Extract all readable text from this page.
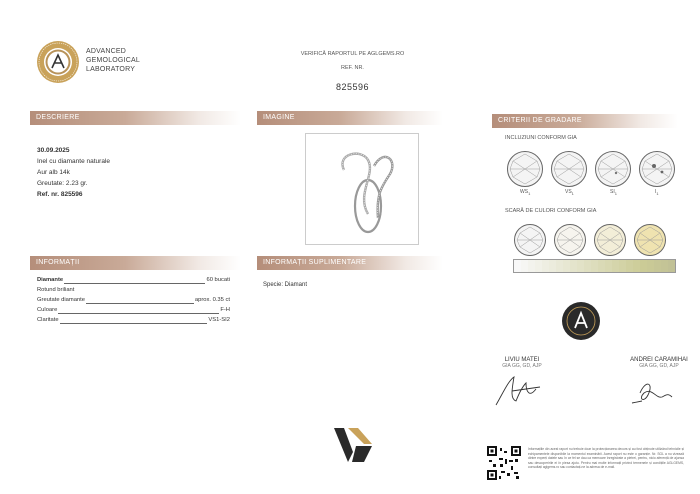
ADVANCED
GEMOLOGICAL
LABORATORY
VERIFICĂ RAPORTUL PE AGLGEMS.RO
REF. NR.
825596
DESCRIERE	IMAGINE	CRITERII DE GRADARE
INFORMAȚII	INFORMAȚII SUPLIMENTARE
30.09.2025
Inel cu diamante naturale
Aur alb 14k
Greutate: 2.23 gr.
Ref. nr. 825596
Diamante	60 bucati
Rotund briliant
Greutate diamante	aprox. 0.35 ct
Culoare	F-H
Claritate	VS1-SI2
Specie: Diamant
INCLUZIUNI CONFORM GIA
$WS_1$	$VS_1$	$SI_1$	$I_1$
SCARĂ DE CULORI CONFORM GIA
LIVIU MATEI
GIA GG, GD, AJP
ANDREI CARAMIHAI
GIA GG, GD, AJP
Informațiile din acest raport nu trebuie doar la protecționarea decurs și au fost obținute utilizând tehnicile și echipamentele disponibile la momentul examinării. Acest raport nu este o garanție. Nr. SGL a nu vizează dintre experți datele sau în ce fel se dau ca memoare înregistrate a pietrei, pentru, nicio aferență de ajunsa sau descoperirile ei în piesa ajutu. Pentru mai multe informații privind termenele și condițiile AGLGEMS, consultați aglgems.ro sau contactați-ne la adresa de e-mail.
